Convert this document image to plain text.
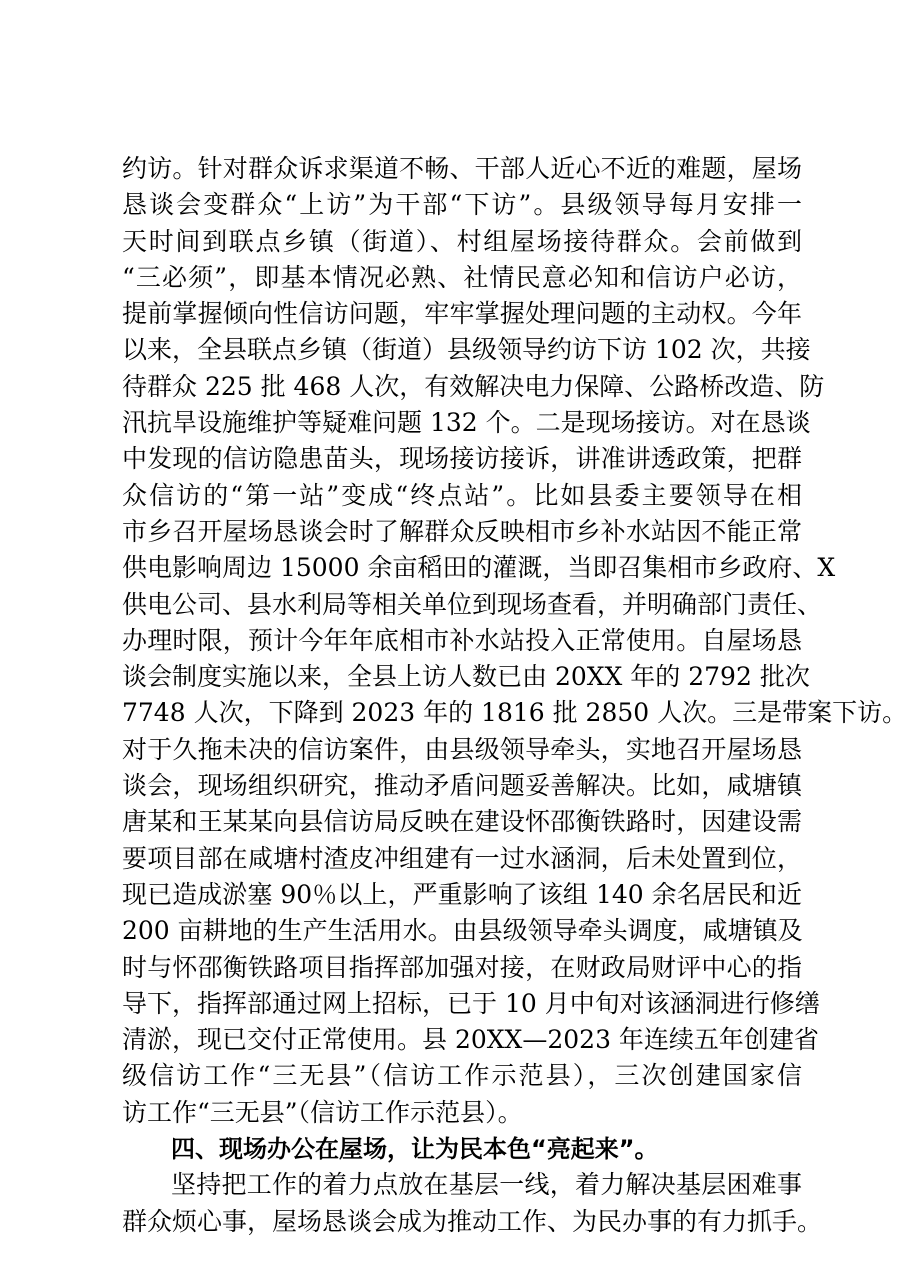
约访。针对群众诉求渠道不畅、干部人近心不近的难题，屋场
恳谈会变群众“上访”为干部“下访”。县级领导每月安排一
天时间到联点乡镇（街道）、村组屋场接待群众。会前做到
“三必须”，即基本情况必熟、社情民意必知和信访户必访，
提前掌握倾向性信访问题，牢牢掌握处理问题的主动权。今年
以来，全县联点乡镇（街道）县级领导约访下访 102 次，共接
待群众 225 批 468 人次，有效解决电力保障、公路桥改造、防
汛抗旱设施维护等疑难问题 132 个。二是现场接访。对在恳谈
中发现的信访隐患苗头，现场接访接诉，讲准讲透政策，把群
众信访的“第一站”变成“终点站”。比如县委主要领导在相
市乡召开屋场恳谈会时了解群众反映相市乡补水站因不能正常
供电影响周边 15000 余亩稻田的灌溉，当即召集相市乡政府、X
供电公司、县水利局等相关单位到现场查看，并明确部门责任、
办理时限，预计今年年底相市补水站投入正常使用。自屋场恳
谈会制度实施以来，全县上访人数已由 20XX 年的 2792 批次
7748 人次，下降到 2023 年的 1816 批 2850 人次。三是带案下访。
对于久拖未决的信访案件，由县级领导牵头，实地召开屋场恳
谈会，现场组织研究，推动矛盾问题妥善解决。比如，咸塘镇
唐某和王某某向县信访局反映在建设怀邵衡铁路时，因建设需
要项目部在咸塘村渣皮冲组建有一过水涵洞，后未处置到位，
现已造成淤塞 90％以上，严重影响了该组 140 余名居民和近
200 亩耕地的生产生活用水。由县级领导牵头调度，咸塘镇及
时与怀邵衡铁路项目指挥部加强对接，在财政局财评中心的指
导下，指挥部通过网上招标，已于 10 月中旬对该涵洞进行修缮
清淤，现已交付正常使用。县 20XX—2023 年连续五年创建省
级信访工作“三无县”（信访工作示范县），三次创建国家信
访工作“三无县”（信访工作示范县）。
四、现场办公在屋场，让为民本色“亮起来”。
坚持把工作的着力点放在基层一线，着力解决基层困难事
群众烦心事，屋场恳谈会成为推动工作、为民办事的有力抓手。
